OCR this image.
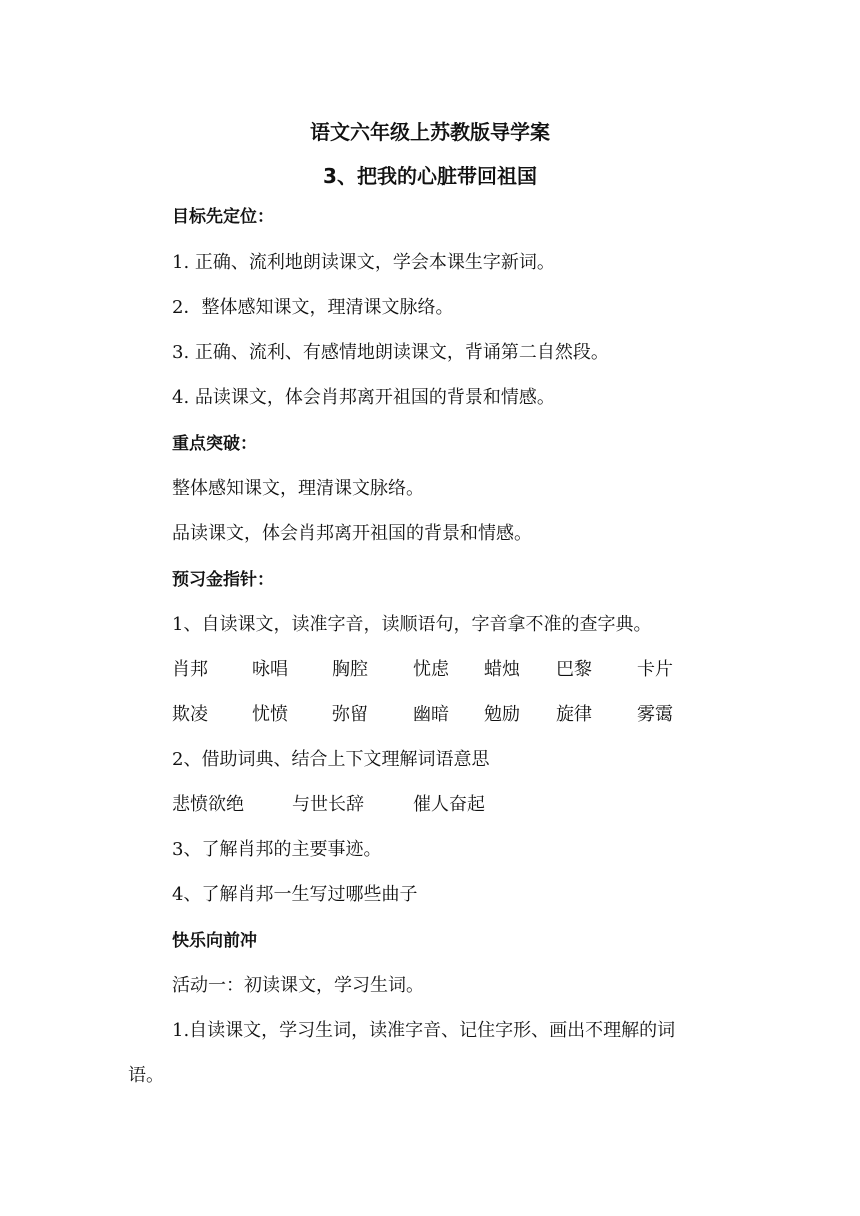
语文六年级上苏教版导学案
3、把我的心脏带回祖国
目标先定位：
1. 正确、流利地朗读课文，学会本课生字新词。
2．整体感知课文，理清课文脉络。
3. 正确、流利、有感情地朗读课文，背诵第二自然段。
4. 品读课文，体会肖邦离开祖国的背景和情感。
重点突破：
整体感知课文，理清课文脉络。
品读课文，体会肖邦离开祖国的背景和情感。
预习金指针：
1、自读课文，读准字音，读顺语句，字音拿不准的查字典。
肖邦 咏唱 胸腔	忧虑 蜡烛 巴黎	卡片
欺凌 忧愤 弥留	幽暗 勉励 旋律	雾霭
2、借助词典、结合上下文理解词语意思
悲愤欲绝	与世长辞	催人奋起
3、了解肖邦的主要事迹。
4、了解肖邦一生写过哪些曲子
快乐向前冲
活动一：初读课文，学习生词。
1.自读课文，学习生词，读准字音、记住字形、画出不理解的词
语。
